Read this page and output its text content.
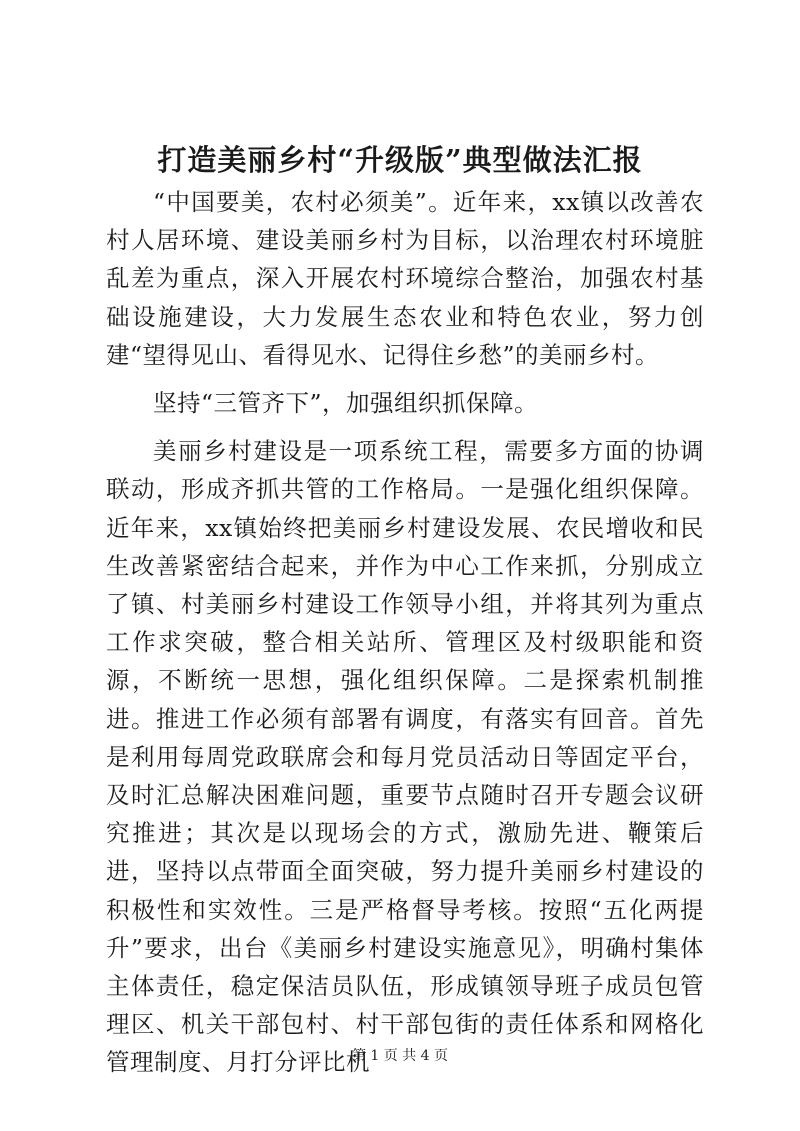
打造美丽乡村“升级版”典型做法汇报

“中国要美，农村必须美”。近年来，xx镇以改善农村人居环境、建设美丽乡村为目标，以治理农村环境脏乱差为重点，深入开展农村环境综合整治，加强农村基础设施建设，大力发展生态农业和特色农业，努力创建“望得见山、看得见水、记得住乡愁”的美丽乡村。

坚持“三管齐下”，加强组织抓保障。

美丽乡村建设是一项系统工程，需要多方面的协调联动，形成齐抓共管的工作格局。一是强化组织保障。近年来，xx镇始终把美丽乡村建设发展、农民增收和民生改善紧密结合起来，并作为中心工作来抓，分别成立了镇、村美丽乡村建设工作领导小组，并将其列为重点工作求突破，整合相关站所、管理区及村级职能和资源，不断统一思想，强化组织保障。二是探索机制推进。推进工作必须有部署有调度，有落实有回音。首先是利用每周党政联席会和每月党员活动日等固定平台，及时汇总解决困难问题，重要节点随时召开专题会议研究推进；其次是以现场会的方式，激励先进、鞭策后进，坚持以点带面全面突破，努力提升美丽乡村建设的积极性和实效性。三是严格督导考核。按照“五化两提升”要求，出台《美丽乡村建设实施意见》，明确村集体主体责任，稳定保洁员队伍，形成镇领导班子成员包管理区、机关干部包村、村干部包街的责任体系和网格化管理制度、月打分评比机

第 1 页 共 4 页
